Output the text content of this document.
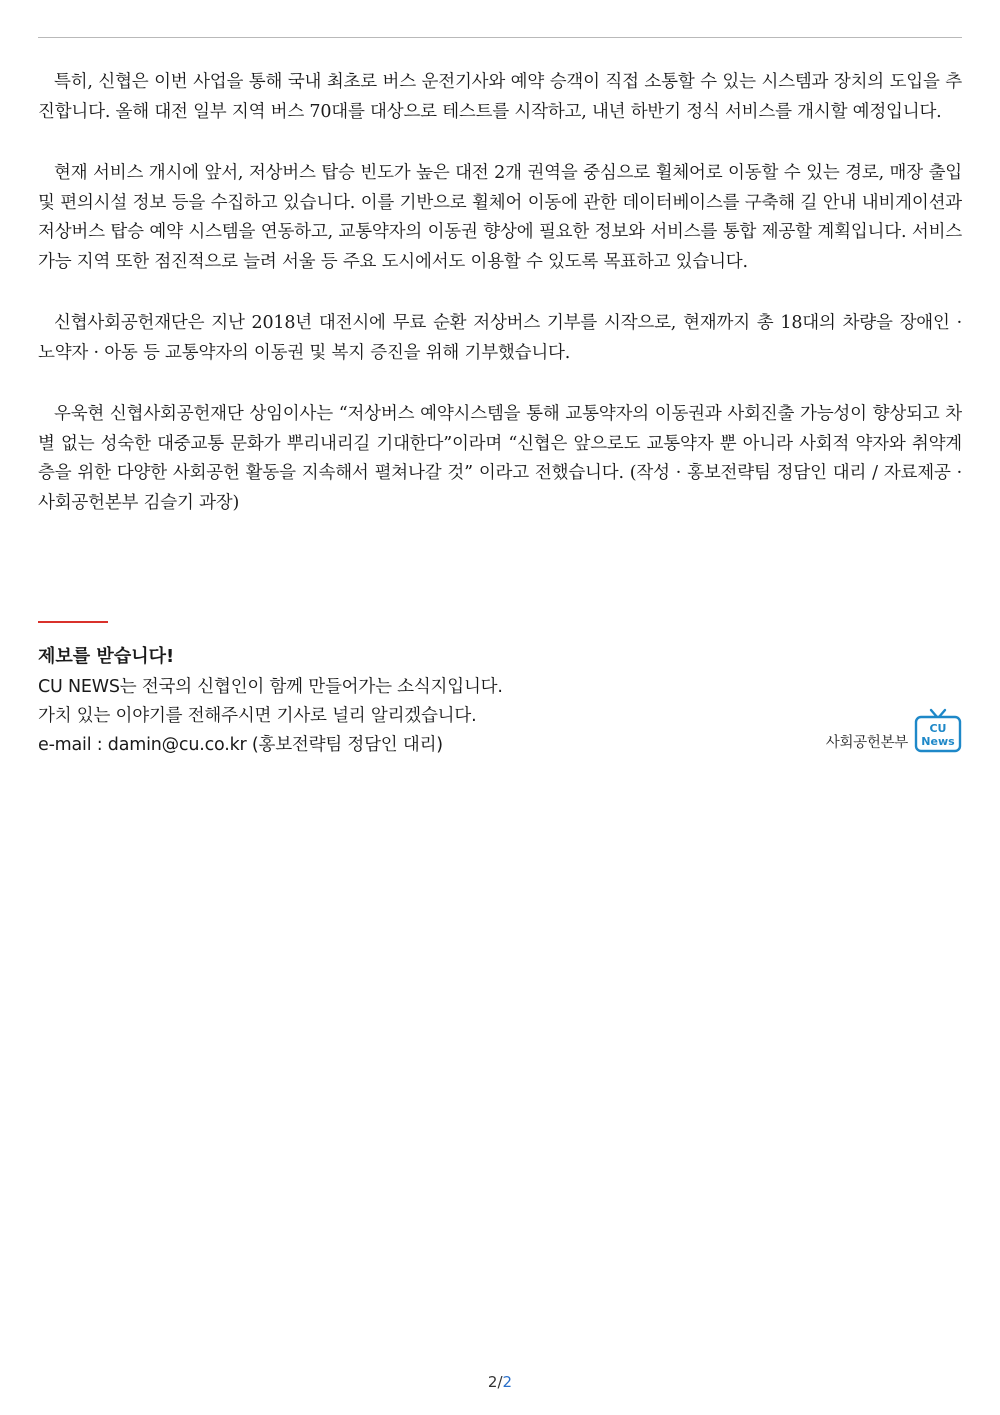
특히, 신협은 이번 사업을 통해 국내 최초로 버스 운전기사와 예약 승객이 직접 소통할 수 있는 시스템과 장치의 도입을 추진합니다. 올해 대전 일부 지역 버스 70대를 대상으로 테스트를 시작하고, 내년 하반기 정식 서비스를 개시할 예정입니다.

현재 서비스 개시에 앞서, 저상버스 탑승 빈도가 높은 대전 2개 권역을 중심으로 휠체어로 이동할 수 있는 경로, 매장 출입 및 편의시설 정보 등을 수집하고 있습니다. 이를 기반으로 휠체어 이동에 관한 데이터베이스를 구축해 길 안내 내비게이션과 저상버스 탑승 예약 시스템을 연동하고, 교통약자의 이동권 향상에 필요한 정보와 서비스를 통합 제공할 계획입니다. 서비스 가능 지역 또한 점진적으로 늘려 서울 등 주요 도시에서도 이용할 수 있도록 목표하고 있습니다.

신협사회공헌재단은 지난 2018년 대전시에 무료 순환 저상버스 기부를 시작으로, 현재까지 총 18대의 차량을 장애인 · 노약자 · 아동 등 교통약자의 이동권 및 복지 증진을 위해 기부했습니다.

우욱현 신협사회공헌재단 상임이사는 “저상버스 예약시스템을 통해 교통약자의 이동권과 사회진출 가능성이 향상되고 차별 없는 성숙한 대중교통 문화가 뿌리내리길 기대한다”이라며 “신협은 앞으로도 교통약자 뿐 아니라 사회적 약자와 취약계층을 위한 다양한 사회공헌 활동을 지속해서 펼쳐나갈 것” 이라고 전했습니다. (작성 · 홍보전략팀 정담인 대리 / 자료제공 · 사회공헌본부 김슬기 과장)

제보를 받습니다!

CU NEWS는 전국의 신협인이 함께 만들어가는 소식지입니다.

가치 있는 이야기를 전해주시면 기사로 널리 알리겠습니다.

e-mail : damin@cu.co.kr (홍보전략팀 정담인 대리)	사회공헌본부
CU
News
2/2
